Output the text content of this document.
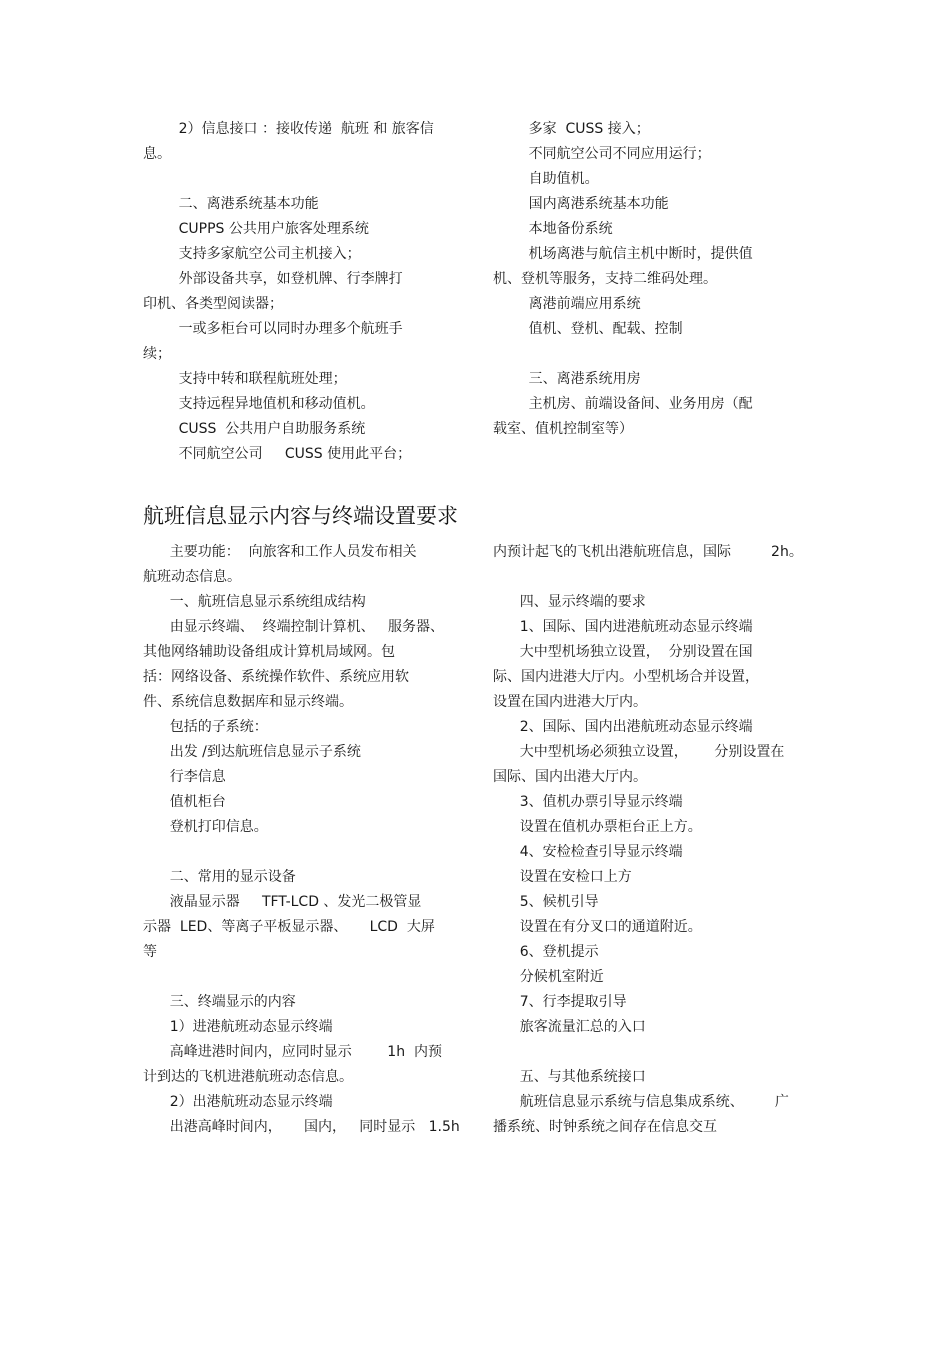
2）信息接口 ：接收传递  航班 和 旅客信

息。

二、离港系统基本功能

CUPPS 公共用户旅客处理系统

支持多家航空公司主机接入；

外部设备共享，如登机牌、行李牌打

印机、各类型阅读器；

一或多柜台可以同时办理多个航班手

续；

支持中转和联程航班处理；

支持远程异地值机和移动值机。

CUSS  公共用户自助服务系统

不同航空公司     CUSS 使用此平台；

多家  CUSS 接入；

不同航空公司不同应用运行；

自助值机。

国内离港系统基本功能

本地备份系统

机场离港与航信主机中断时，提供值

机、登机等服务，支持二维码处理。

离港前端应用系统

值机、登机、配载、控制

三、离港系统用房

主机房、前端设备间、业务用房（配

载室、值机控制室等）

航班信息显示内容与终端设置要求

主要功能：  向旅客和工作人员发布相关

航班动态信息。

一、航班信息显示系统组成结构

由显示终端、  终端控制计算机、   服务器、

其他网络辅助设备组成计算机局域网。包

括：网络设备、系统操作软件、系统应用软

件、系统信息数据库和显示终端。

包括的子系统：

出发 /到达航班信息显示子系统

行李信息

值机柜台

登机打印信息。

二、常用的显示设备

液晶显示器     TFT-LCD 、发光二极管显

示器  LED、等离子平板显示器、     LCD  大屏

等

三、终端显示的内容

1）进港航班动态显示终端

高峰进港时间内，应同时显示        1h  内预

计到达的飞机进港航班动态信息。

2）出港航班动态显示终端

出港高峰时间内，     国内，   同时显示   1.5h

内预计起飞的飞机出港航班信息，国际         2h。

四、显示终端的要求

1、国际、国内进港航班动态显示终端

大中型机场独立设置，  分别设置在国

际、国内进港大厅内。小型机场合并设置，

设置在国内进港大厅内。

2、国际、国内出港航班动态显示终端

大中型机场必须独立设置，      分别设置在

国际、国内出港大厅内。

3、值机办票引导显示终端

设置在值机办票柜台正上方。

4、安检检查引导显示终端

设置在安检口上方

5、候机引导

设置在有分叉口的通道附近。

6、登机提示

分候机室附近

7、行李提取引导

旅客流量汇总的入口

五、与其他系统接口

航班信息显示系统与信息集成系统、       广

播系统、时钟系统之间存在信息交互
